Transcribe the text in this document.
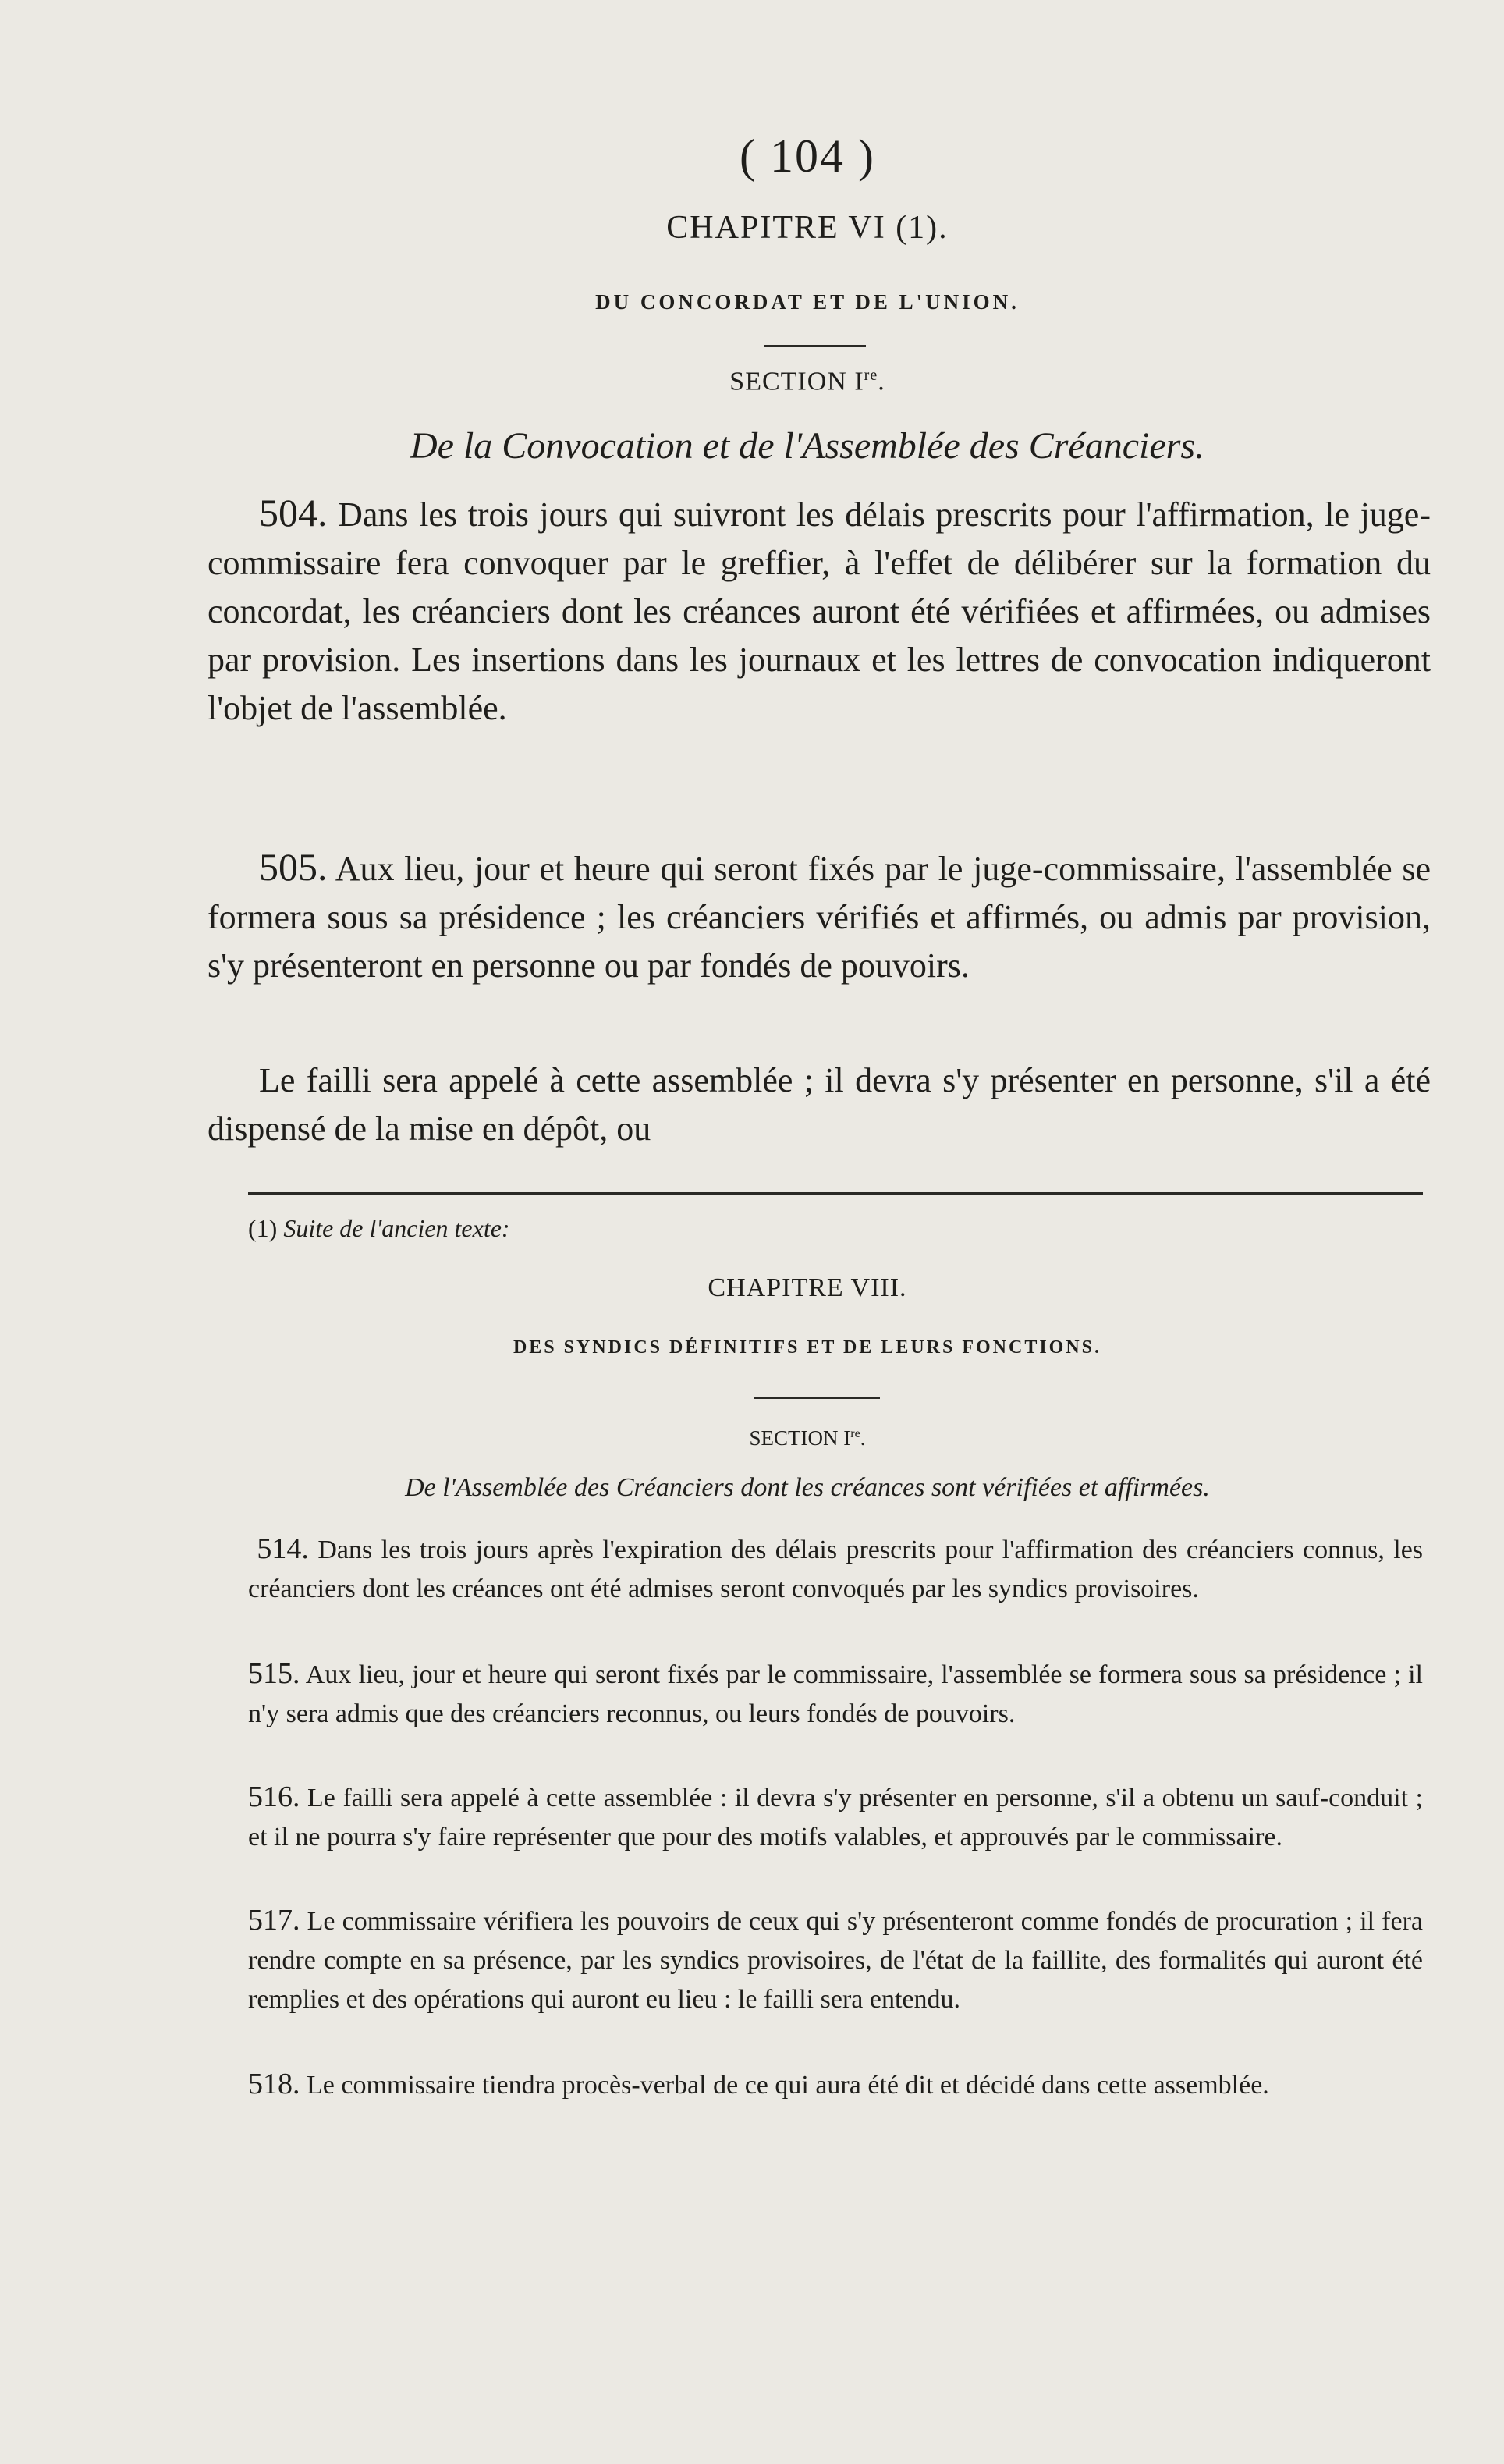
( 104 )
CHAPITRE VI (1).
DU CONCORDAT ET DE L'UNION.
SECTION Ire.
De la Convocation et de l'Assemblée des Créanciers.

504. Dans les trois jours qui suivront les délais prescrits pour l'affirmation, le juge-commissaire fera convoquer par le greffier, à l'effet de délibérer sur la formation du concordat, les créanciers dont les créances auront été vérifiées et affirmées, ou admises par provision. Les insertions dans les journaux et les lettres de convocation indiqueront l'objet de l'assemblée.

505. Aux lieu, jour et heure qui seront fixés par le juge-commissaire, l'assemblée se formera sous sa présidence ; les créanciers vérifiés et affirmés, ou admis par provision, s'y présenteront en personne ou par fondés de pouvoirs.

Le failli sera appelé à cette assemblée ; il devra s'y présenter en personne, s'il a été dispensé de la mise en dépôt, ou

(1) Suite de l'ancien texte:
CHAPITRE VIII.
DES SYNDICS DÉFINITIFS ET DE LEURS FONCTIONS.
SECTION Ire.
De l'Assemblée des Créanciers dont les créances sont vérifiées et affirmées.

514. Dans les trois jours après l'expiration des délais prescrits pour l'affirmation des créanciers connus, les créanciers dont les créances ont été admises seront convoqués par les syndics provisoires.

515. Aux lieu, jour et heure qui seront fixés par le commissaire, l'assemblée se formera sous sa présidence ; il n'y sera admis que des créanciers reconnus, ou leurs fondés de pouvoirs.

516. Le failli sera appelé à cette assemblée : il devra s'y présenter en personne, s'il a obtenu un sauf-conduit ; et il ne pourra s'y faire représenter que pour des motifs valables, et approuvés par le commissaire.

517. Le commissaire vérifiera les pouvoirs de ceux qui s'y présenteront comme fondés de procuration ; il fera rendre compte en sa présence, par les syndics provisoires, de l'état de la faillite, des formalités qui auront été remplies et des opérations qui auront eu lieu : le failli sera entendu.

518. Le commissaire tiendra procès-verbal de ce qui aura été dit et décidé dans cette assemblée.
